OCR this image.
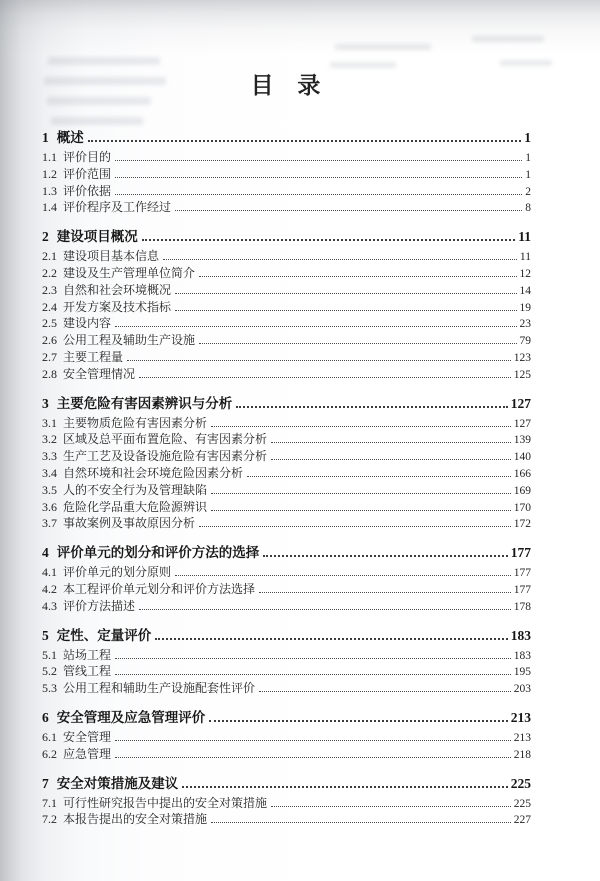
目 录
1 概述	1
1.1 评价目的	1
1.2 评价范围	1
1.3 评价依据	2
1.4 评价程序及工作经过	8
2 建设项目概况	11
2.1 建设项目基本信息	11
2.2 建设及生产管理单位简介	12
2.3 自然和社会环境概况	14
2.4 开发方案及技术指标	19
2.5 建设内容	23
2.6 公用工程及辅助生产设施	79
2.7 主要工程量	123
2.8 安全管理情况	125
3 主要危险有害因素辨识与分析	127
3.1 主要物质危险有害因素分析	127
3.2 区域及总平面布置危险、有害因素分析	139
3.3 生产工艺及设备设施危险有害因素分析	140
3.4 自然环境和社会环境危险因素分析	166
3.5 人的不安全行为及管理缺陷	169
3.6 危险化学品重大危险源辨识	170
3.7 事故案例及事故原因分析	172
4 评价单元的划分和评价方法的选择	177
4.1 评价单元的划分原则	177
4.2 本工程评价单元划分和评价方法选择	177
4.3 评价方法描述	178
5 定性、定量评价	183
5.1 站场工程	183
5.2 管线工程	195
5.3 公用工程和辅助生产设施配套性评价	203
6 安全管理及应急管理评价	213
6.1 安全管理	213
6.2 应急管理	218
7 安全对策措施及建议	225
7.1 可行性研究报告中提出的安全对策措施	225
7.2 本报告提出的安全对策措施	227
